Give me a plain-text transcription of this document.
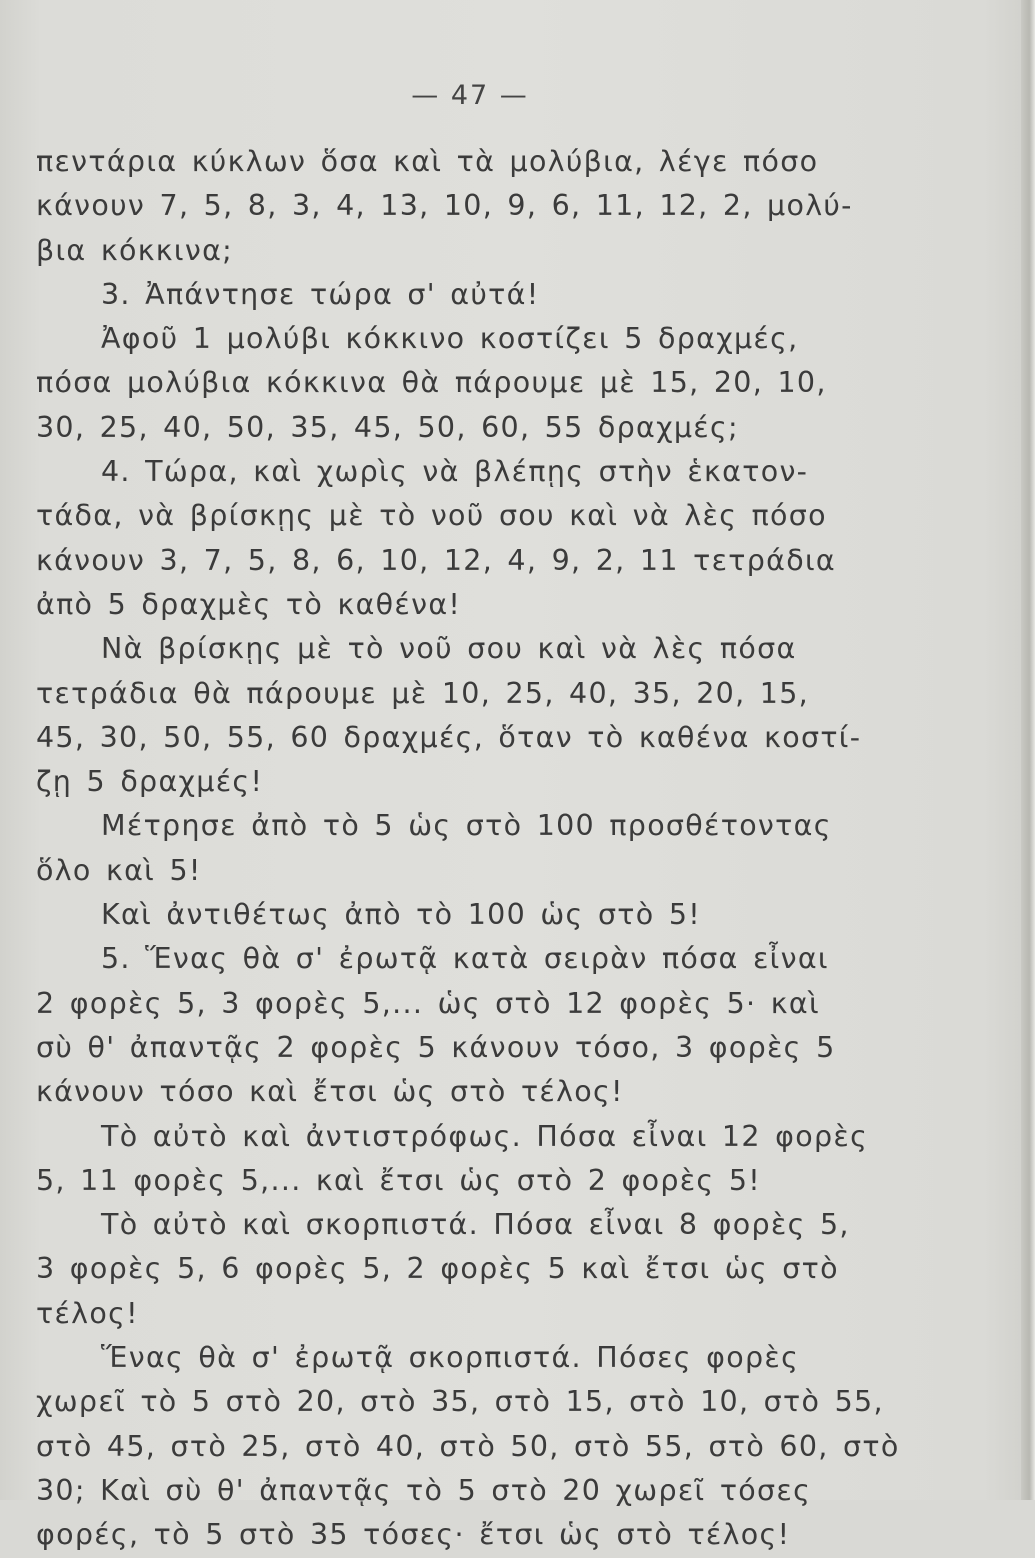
— 47 —
πεντάρια κύκλων ὅσα καὶ τὰ μολύβια, λέγε πόσο
κάνουν 7, 5, 8, 3, 4, 13, 10, 9, 6, 11, 12, 2, μολύ-
βια κόκκινα;
3. Ἀπάντησε τώρα σ' αὐτά!
Ἀφοῦ 1 μολύβι κόκκινο κοστίζει 5 δραχμές,
πόσα μολύβια κόκκινα θὰ πάρουμε μὲ 15, 20, 10,
30, 25, 40, 50, 35, 45, 50, 60, 55 δραχμές;
4. Τώρα, καὶ χωρὶς νὰ βλέπῃς στὴν ἑκατον-
τάδα, νὰ βρίσκῃς μὲ τὸ νοῦ σου καὶ νὰ λὲς πόσο
κάνουν 3, 7, 5, 8, 6, 10, 12, 4, 9, 2, 11 τετράδια
ἀπὸ 5 δραχμὲς τὸ καθένα!
Νὰ βρίσκῃς μὲ τὸ νοῦ σου καὶ νὰ λὲς πόσα
τετράδια θὰ πάρουμε μὲ 10, 25, 40, 35, 20, 15,
45, 30, 50, 55, 60 δραχμές, ὅταν τὸ καθένα κοστί-
ζῃ 5 δραχμές!
Μέτρησε ἀπὸ τὸ 5 ὡς στὸ 100 προσθέτοντας
ὅλο καὶ 5!
Καὶ ἀντιθέτως ἀπὸ τὸ 100 ὡς στὸ 5!
5. Ἕνας θὰ σ' ἐρωτᾷ κατὰ σειρὰν πόσα εἶναι
2 φορὲς 5, 3 φορὲς 5,... ὡς στὸ 12 φορὲς 5· καὶ
σὺ θ' ἀπαντᾷς 2 φορὲς 5 κάνουν τόσο, 3 φορὲς 5
κάνουν τόσο καὶ ἔτσι ὡς στὸ τέλος!
Τὸ αὐτὸ καὶ ἀντιστρόφως. Πόσα εἶναι 12 φορὲς
5, 11 φορὲς 5,... καὶ ἔτσι ὡς στὸ 2 φορὲς 5!
Τὸ αὐτὸ καὶ σκορπιστά. Πόσα εἶναι 8 φορὲς 5,
3 φορὲς 5, 6 φορὲς 5, 2 φορὲς 5 καὶ ἔτσι ὡς στὸ
τέλος!
Ἕνας θὰ σ' ἐρωτᾷ σκορπιστά. Πόσες φορὲς
χωρεῖ τὸ 5 στὸ 20, στὸ 35, στὸ 15, στὸ 10, στὸ 55,
στὸ 45, στὸ 25, στὸ 40, στὸ 50, στὸ 55, στὸ 60, στὸ
30; Καὶ σὺ θ' ἀπαντᾷς τὸ 5 στὸ 20 χωρεῖ τόσες
φορές, τὸ 5 στὸ 35 τόσες· ἔτσι ὡς στὸ τέλος!
